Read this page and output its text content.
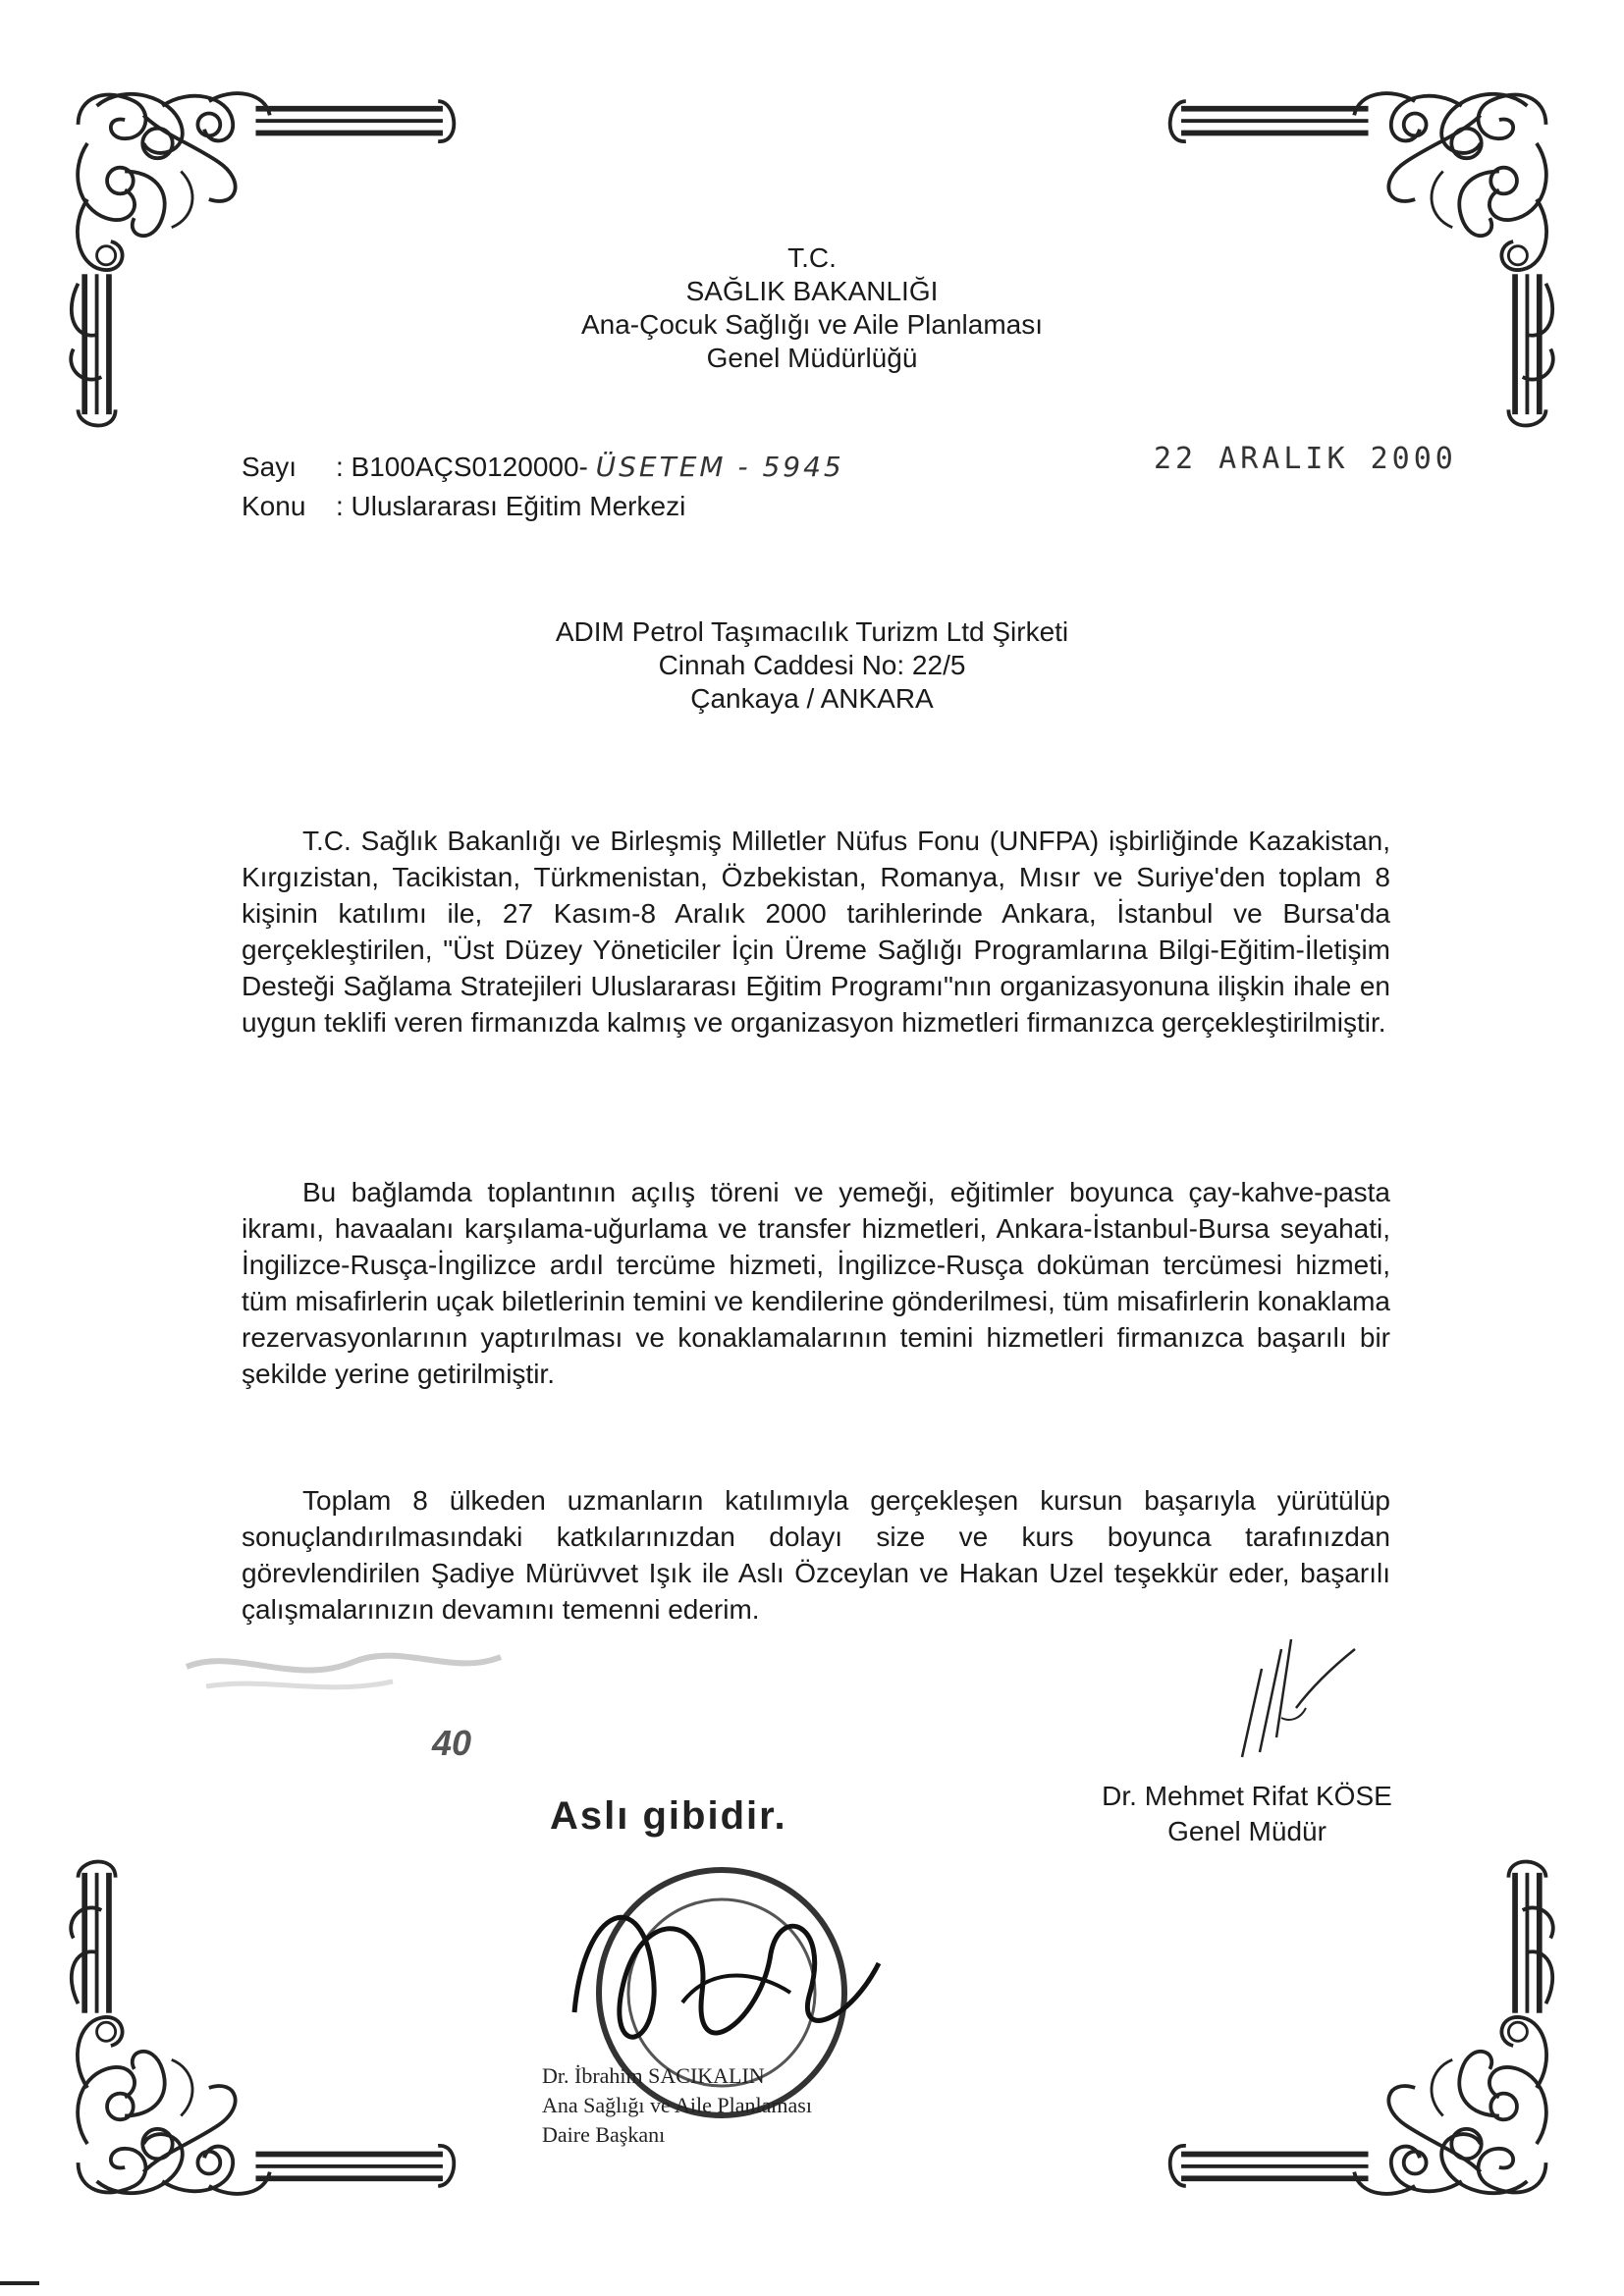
T.C.
SAĞLIK BAKANLIĞI
Ana-Çocuk Sağlığı ve Aile Planlaması
Genel Müdürlüğü
Sayı : B100AÇS0120000- ÜSETEM - 5945
Konu : Uluslararası Eğitim Merkezi
22 ARALIK 2000
ADIM Petrol Taşımacılık Turizm Ltd Şirketi
Cinnah Caddesi No: 22/5
Çankaya / ANKARA

T.C. Sağlık Bakanlığı ve Birleşmiş Milletler Nüfus Fonu (UNFPA) işbirliğinde Kazakistan, Kırgızistan, Tacikistan, Türkmenistan, Özbekistan, Romanya, Mısır ve Suriye'den toplam 8 kişinin katılımı ile, 27 Kasım-8 Aralık 2000 tarihlerinde Ankara, İstanbul ve Bursa'da gerçekleştirilen, "Üst Düzey Yöneticiler İçin Üreme Sağlığı Programlarına Bilgi-Eğitim-İletişim Desteği Sağlama Stratejileri Uluslararası Eğitim Programı"nın organizasyonuna ilişkin ihale en uygun teklifi veren firmanızda kalmış ve organizasyon hizmetleri firmanızca gerçekleştirilmiştir.

Bu bağlamda toplantının açılış töreni ve yemeği, eğitimler boyunca çay-kahve-pasta ikramı, havaalanı karşılama-uğurlama ve transfer hizmetleri, Ankara-İstanbul-Bursa seyahati, İngilizce-Rusça-İngilizce ardıl tercüme hizmeti, İngilizce-Rusça doküman tercümesi hizmeti, tüm misafirlerin uçak biletlerinin temini ve kendilerine gönderilmesi, tüm misafirlerin konaklama rezervasyonlarının yaptırılması ve konaklamalarının temini hizmetleri firmanızca başarılı bir şekilde yerine getirilmiştir.

Toplam 8 ülkeden uzmanların katılımıyla gerçekleşen kursun başarıyla yürütülüp sonuçlandırılmasındaki katkılarınızdan dolayı size ve kurs boyunca tarafınızdan görevlendirilen Şadiye Mürüvvet Işık ile Aslı Özceylan ve Hakan Uzel teşekkür eder, başarılı çalışmalarınızın devamını temenni ederim.

40
Dr. Mehmet Rifat KÖSE
Genel Müdür
Aslı gibidir.
Dr. İbrahim SACIKALIN
Ana Sağlığı ve Aile Planlaması
Daire Başkanı
